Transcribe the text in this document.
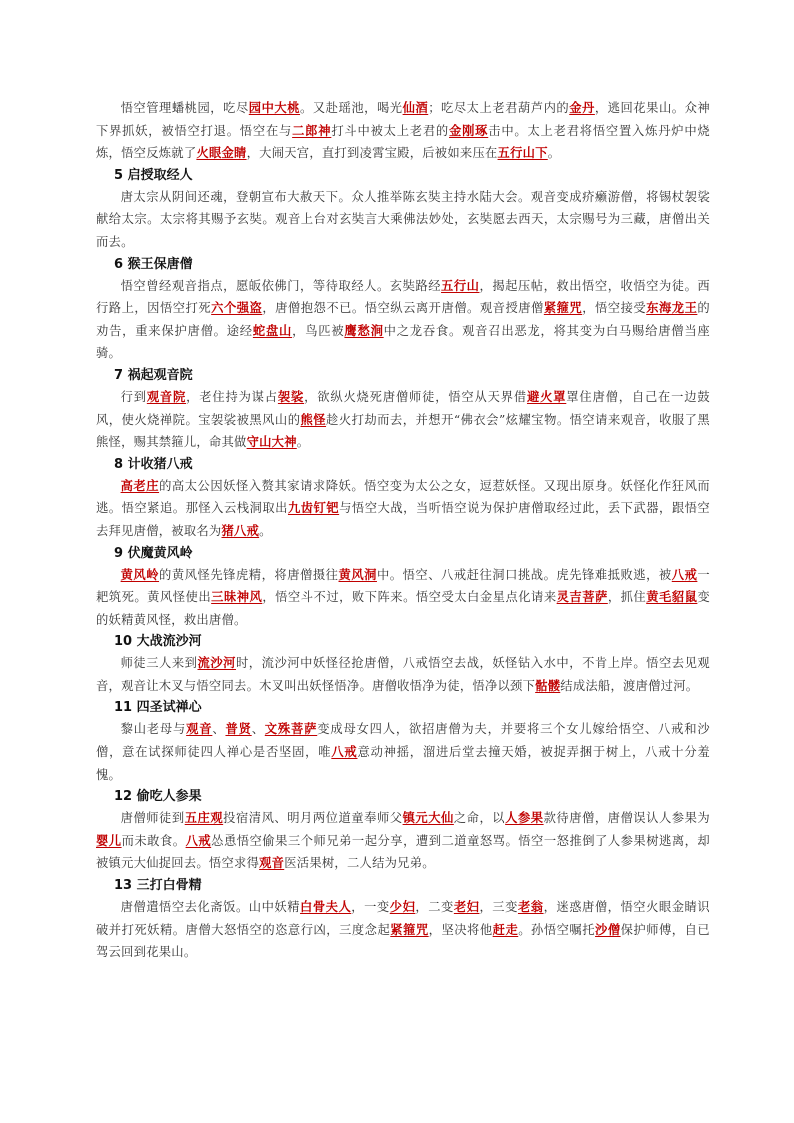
悟空管理蟠桃园，吃尽园中大桃。又赴瑶池，喝光仙酒；吃尽太上老君葫芦内的金丹，逃回花果山。众神下界抓妖，被悟空打退。悟空在与二郎神打斗中被太上老君的金刚琢击中。太上老君将悟空置入炼丹炉中烧炼，悟空反炼就了火眼金睛，大闹天宫，直打到凌霄宝殿，后被如来压在五行山下。

5 启授取经人

唐太宗从阴间还魂，登朝宣布大赦天下。众人推举陈玄奘主持水陆大会。观音变成疥癞游僧，将锡杖袈裟献给太宗。太宗将其赐予玄奘。观音上台对玄奘言大乘佛法妙处，玄奘愿去西天，太宗赐号为三藏，唐僧出关而去。

6 猴王保唐僧

悟空曾经观音指点，愿皈依佛门，等待取经人。玄奘路经五行山，揭起压帖，救出悟空，收悟空为徒。西行路上，因悟空打死六个强盗，唐僧抱怨不已。悟空纵云离开唐僧。观音授唐僧紧箍咒，悟空接受东海龙王的劝告，重来保护唐僧。途经蛇盘山，鸟匹被鹰愁涧中之龙吞食。观音召出恶龙，将其变为白马赐给唐僧当座骑。

7 祸起观音院

行到观音院，老住持为谋占袈裟，欲纵火烧死唐僧师徒，悟空从天界借避火罩罩住唐僧，自己在一边鼓风，使火烧禅院。宝袈裟被黑风山的熊怪趁火打劫而去，并想开“佛衣会”炫耀宝物。悟空请来观音，收服了黑熊怪，赐其禁箍儿，命其做守山大神。

8 计收猪八戒

高老庄的高太公因妖怪入赘其家请求降妖。悟空变为太公之女，逗惹妖怪。又现出原身。妖怪化作狂风而逃。悟空紧追。那怪入云栈洞取出九齿钉钯与悟空大战，当听悟空说为保护唐僧取经过此，丢下武器，跟悟空去拜见唐僧，被取名为猪八戒。

9 伏魔黄风岭

黄风岭的黄风怪先锋虎精，将唐僧摄往黄风洞中。悟空、八戒赶往洞口挑战。虎先锋难抵败逃，被八戒一耙筑死。黄风怪使出三昧神风，悟空斗不过，败下阵来。悟空受太白金星点化请来灵吉菩萨，抓住黄毛貂鼠变的妖精黄风怪，救出唐僧。

10 大战流沙河

师徒三人来到流沙河时，流沙河中妖怪径抢唐僧，八戒悟空去战，妖怪钻入水中，不肯上岸。悟空去见观音，观音让木叉与悟空同去。木叉叫出妖怪悟净。唐僧收悟净为徒，悟净以颈下骷髅结成法船，渡唐僧过河。

11 四圣试禅心

黎山老母与观音、普贤、文殊菩萨变成母女四人，欲招唐僧为夫，并要将三个女儿嫁给悟空、八戒和沙僧，意在试探师徒四人禅心是否坚固，唯八戒意动神摇，溜进后堂去撞天婚，被捉弄捆于树上，八戒十分羞愧。

12 偷吃人参果

唐僧师徒到五庄观投宿清风、明月两位道童奉师父镇元大仙之命，以人参果款待唐僧，唐僧误认人参果为婴儿而未敢食。八戒怂恿悟空偷果三个师兄弟一起分享，遭到二道童怒骂。悟空一怒推倒了人参果树逃离，却被镇元大仙捉回去。悟空求得观音医活果树，二人结为兄弟。

13 三打白骨精

唐僧遣悟空去化斋饭。山中妖精白骨夫人，一变少妇，二变老妇，三变老翁，迷惑唐僧，悟空火眼金睛识破并打死妖精。唐僧大怒悟空的恣意行凶，三度念起紧箍咒，坚决将他赶走。孙悟空嘱托沙僧保护师傅，自已驾云回到花果山。
